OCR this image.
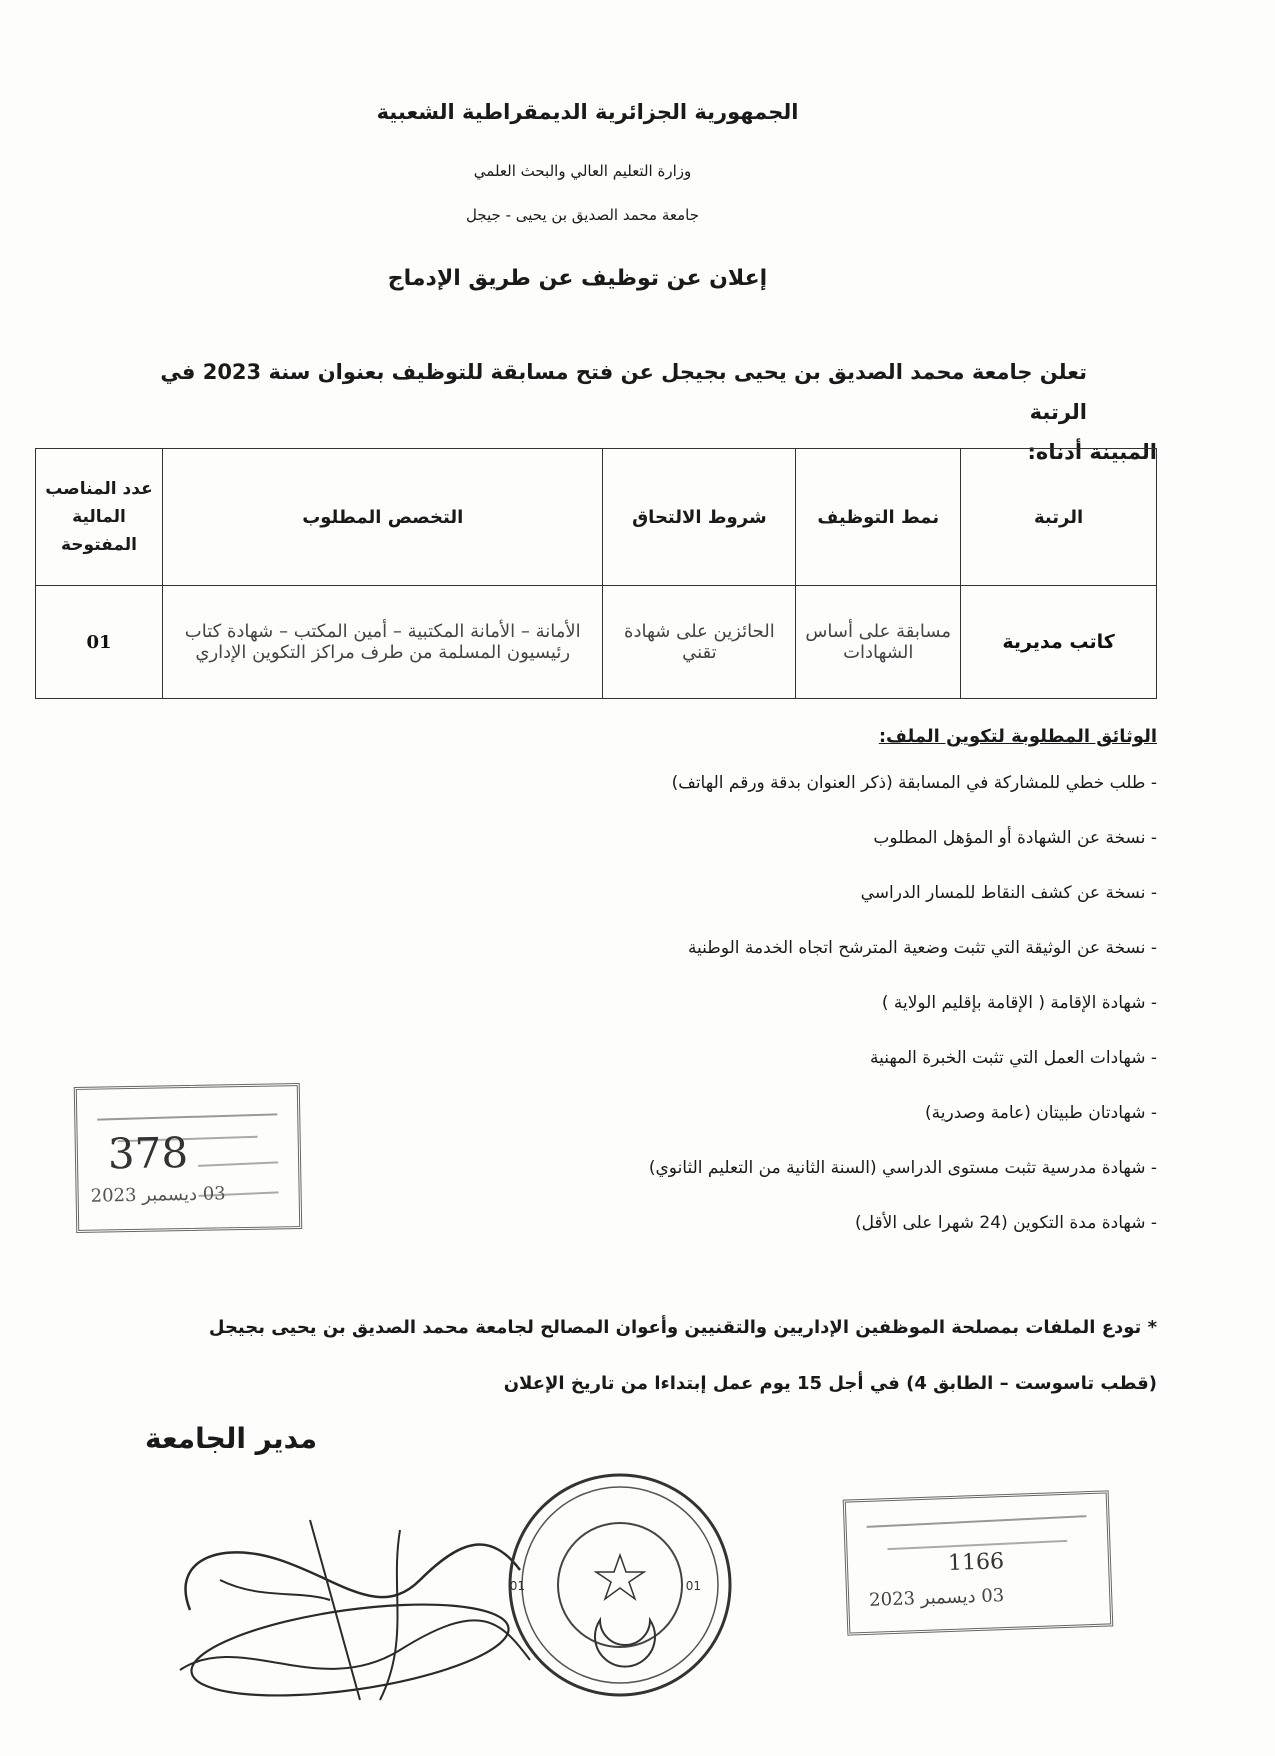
الجمهورية الجزائرية الديمقراطية الشعبية
وزارة التعليم العالي والبحث العلمي
جامعة محمد الصديق بن يحيى - جيجل
إعلان عن توظيف عن طريق الإدماج
تعلن جامعة محمد الصديق بن يحيى بجيجل عن فتح مسابقة للتوظيف بعنوان سنة 2023 في الرتبة
المبينة أدناه:
الرتبة	نمط التوظيف	شروط الالتحاق	التخصص المطلوب	عدد المناصب المالية المفتوحة
كاتب مديرية	مسابقة على أساس الشهادات	الحائزين على شهادة تقني	الأمانة – الأمانة المكتبية – أمين المكتب – شهادة كتاب رئيسيون المسلمة من طرف مراكز التكوين الإداري	01
الوثائق المطلوبة لتكوين الملف:
- طلب خطي للمشاركة في المسابقة (ذكر العنوان بدقة ورقم الهاتف)
- نسخة عن الشهادة أو المؤهل المطلوب
- نسخة عن كشف النقاط للمسار الدراسي
- نسخة عن الوثيقة التي تثبت وضعية المترشح اتجاه الخدمة الوطنية
- شهادة الإقامة ( الإقامة بإقليم الولاية )
- شهادات العمل التي تثبت الخبرة المهنية
- شهادتان طبيتان (عامة وصدرية)
- شهادة مدرسية تثبت مستوى الدراسي (السنة الثانية من التعليم الثانوي)
- شهادة مدة التكوين (24 شهرا على الأقل)
378
03 ديسمبر 2023
1166
03 ديسمبر 2023
* تودع الملفات بمصلحة الموظفين الإداريين والتقنيين وأعوان المصالح لجامعة محمد الصديق بن يحيى بجيجل
(قطب تاسوست – الطابق 4) في أجل 15 يوم عمل إبتداءا من تاريخ الإعلان
مدير الجامعة
01	01
